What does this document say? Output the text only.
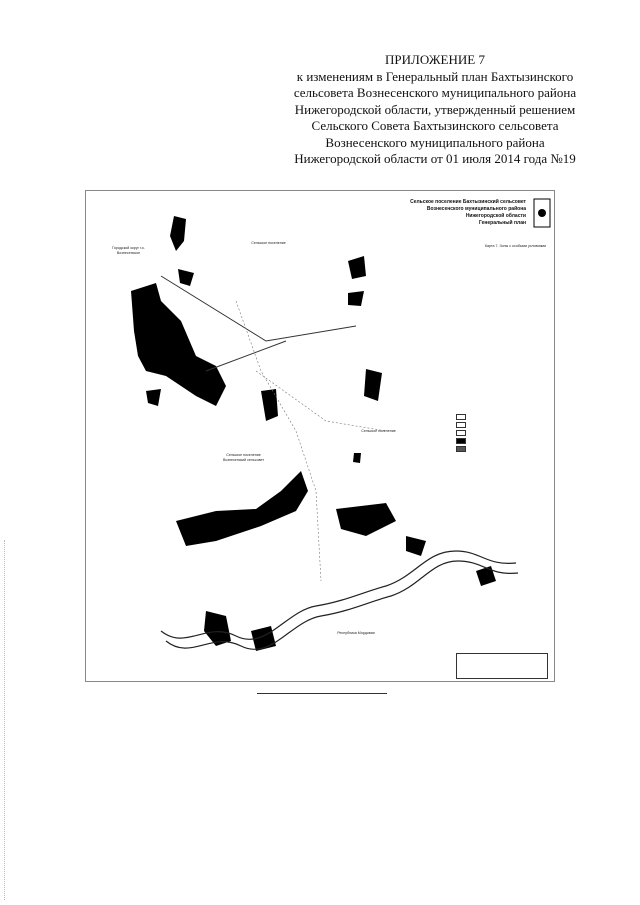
ПРИЛОЖЕНИЕ 7
к изменениям в Генеральный план Бахтызинского
сельсовета Вознесенского муниципального района
Нижегородской области, утвержденный решением
Сельского Совета Бахтызинского сельсовета
Вознесенского муниципального района
Нижегородской области от 01 июля 2014 года №19
Сельское поселение Бахтызинский сельсовет
Вознесенского муниципального района
Нижегородской области
Генеральный план
Карта 7. Зоны с особыми условиями
Городской округ г.о. Вознесенское
Сельское поселение
Сельское поселение Вознесенский сельсовет
Сельское поселение
Республика Мордовия
